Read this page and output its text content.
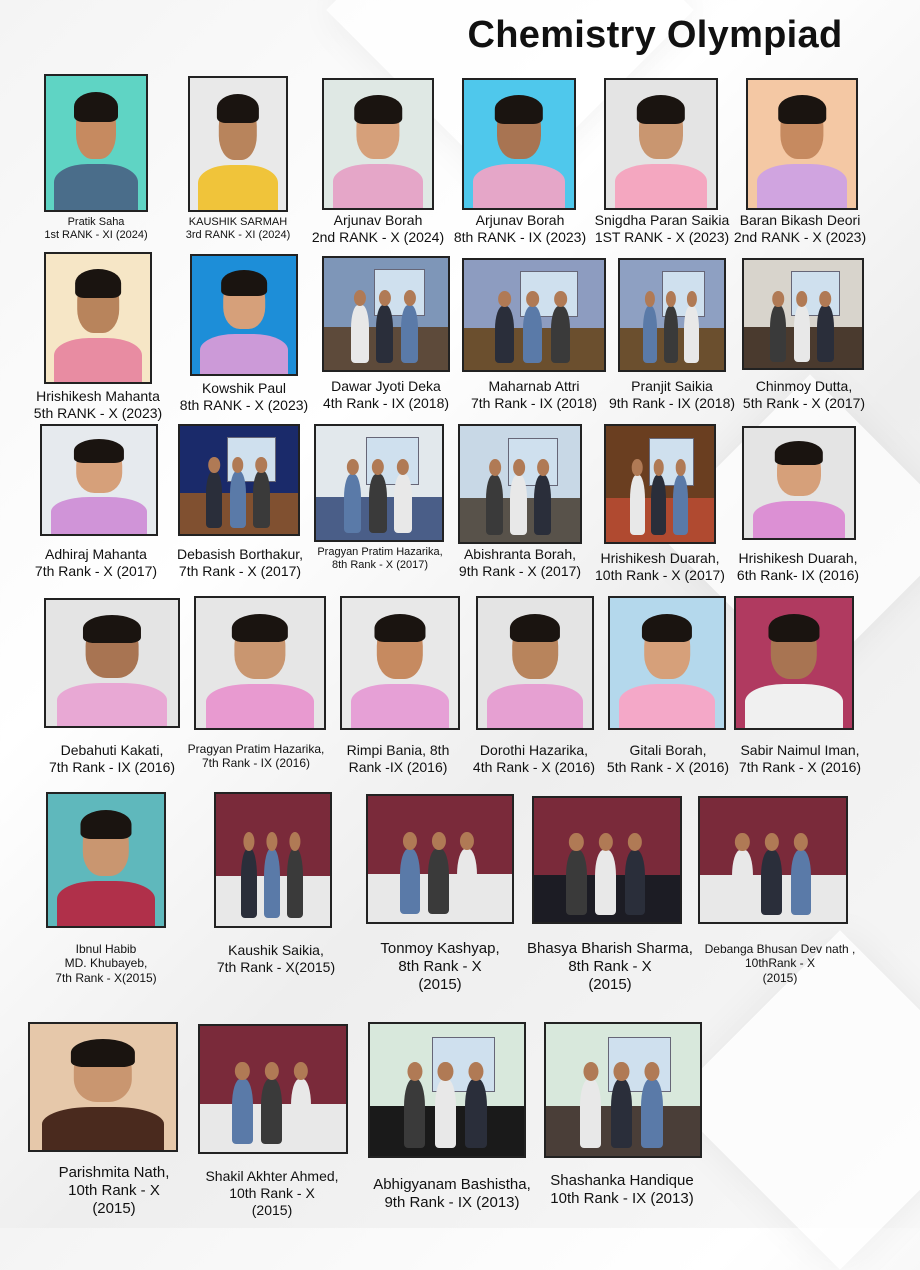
Chemistry Olympiad
Pratik Saha
1st RANK - XI (2024)
KAUSHIK SARMAH
3rd RANK - XI (2024)
Arjunav Borah
2nd RANK - X (2024)
Arjunav Borah
8th RANK - IX (2023)
Snigdha Paran Saikia
1ST RANK - X (2023)
Baran Bikash Deori
2nd RANK - X (2023)
Hrishikesh Mahanta
5th RANK - X (2023)
Kowshik Paul
8th RANK - X (2023)
Dawar Jyoti Deka
4th Rank - IX (2018)
Maharnab Attri
7th Rank - IX (2018)
Pranjit Saikia
9th Rank - IX (2018)
Chinmoy Dutta,
5th Rank - X (2017)
Adhiraj Mahanta
7th Rank - X (2017)
Debasish Borthakur,
7th Rank - X (2017)
Pragyan Pratim Hazarika,
8th Rank - X (2017)
Abishranta Borah,
9th Rank - X (2017)
Hrishikesh Duarah,
10th Rank - X (2017)
Hrishikesh Duarah,
6th Rank- IX (2016)
Debahuti Kakati,
7th Rank - IX (2016)
Pragyan Pratim Hazarika,
7th Rank - IX (2016)
Rimpi Bania, 8th
Rank -IX (2016)
Dorothi Hazarika,
4th Rank - X (2016)
Gitali Borah,
5th Rank - X (2016)
Sabir Naimul Iman,
7th Rank - X (2016)
Ibnul Habib
MD. Khubayeb,
7th Rank - X(2015)
Kaushik Saikia,
7th Rank - X(2015)
Tonmoy Kashyap,
8th Rank - X
(2015)
Bhasya Bharish Sharma,
8th Rank - X
(2015)
Debanga Bhusan Dev nath ,
10thRank - X
(2015)
Parishmita Nath,
10th Rank - X
(2015)
Shakil Akhter Ahmed,
10th Rank - X
(2015)
Abhigyanam Bashistha,
9th Rank - IX (2013)
Shashanka Handique
10th Rank - IX (2013)
